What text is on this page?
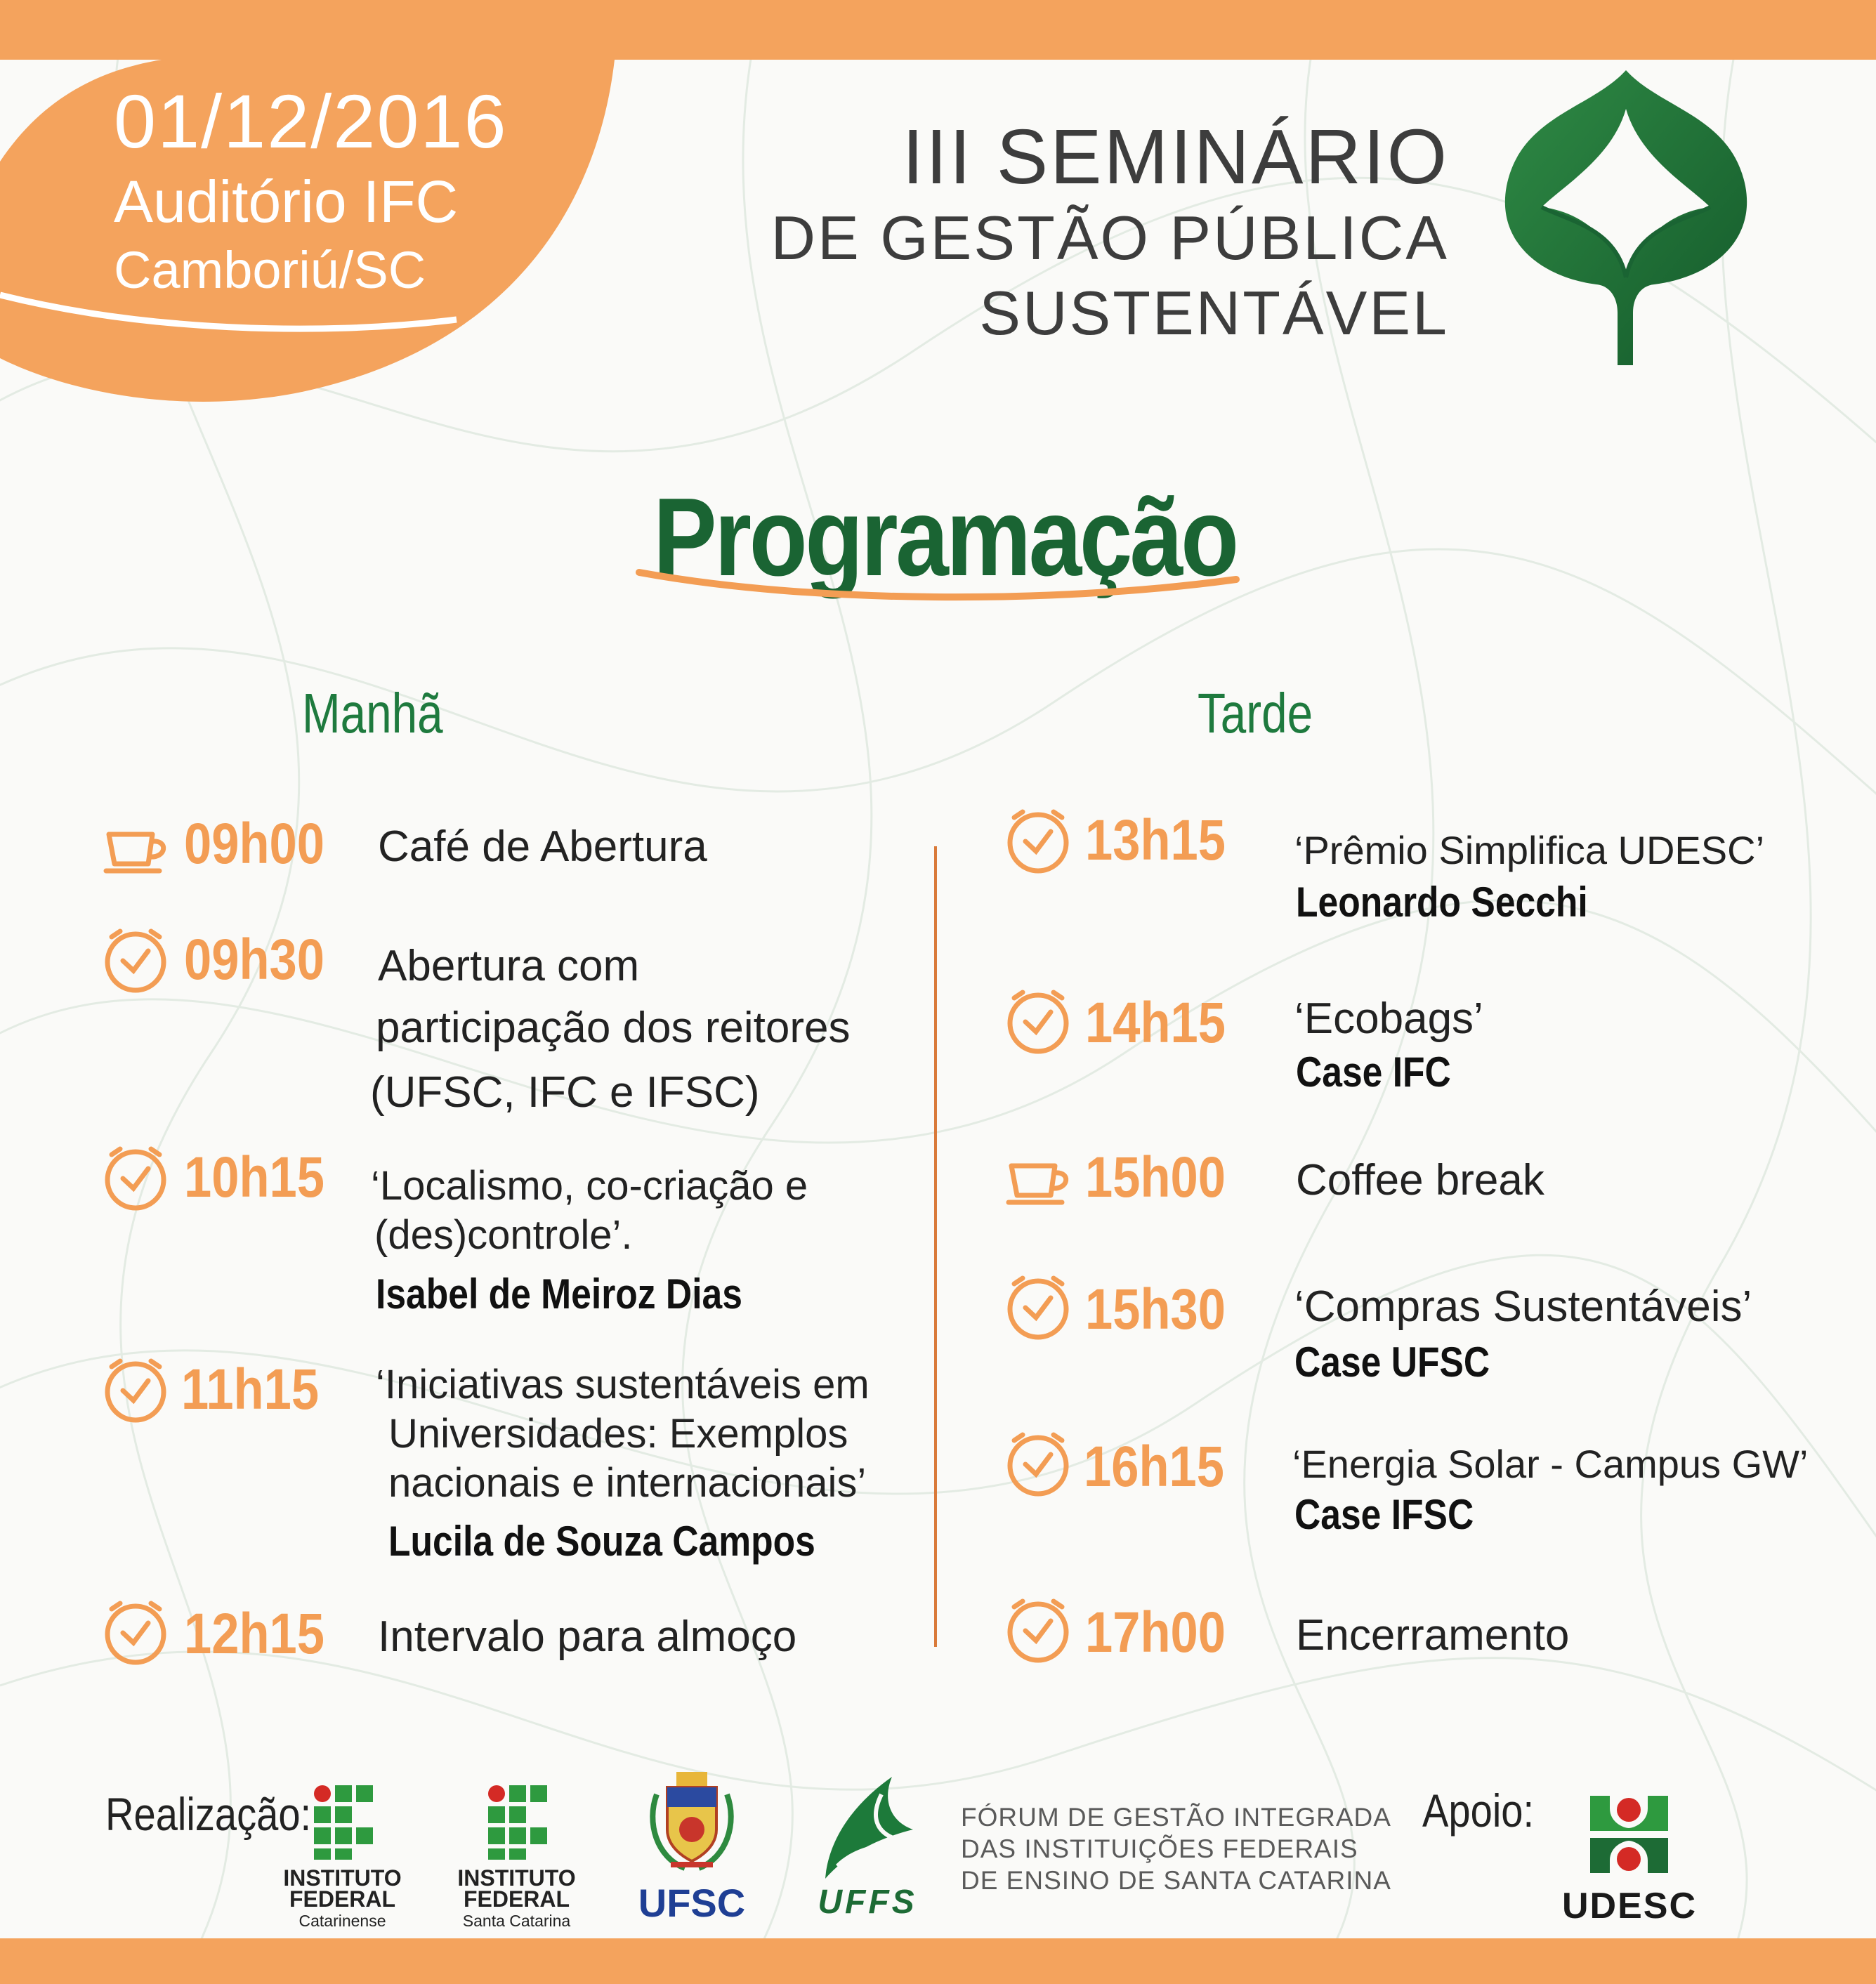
01/12/2016
Auditório IFC
Camboriú/SC
III SEMINÁRIO
DE GESTÃO PÚBLICA
SUSTENTÁVEL
Programação
Manhã	Tarde
09h00 Café de Abertura
09h30 Abertura com
participação dos reitores
(UFSC, IFC e IFSC)
10h15 ‘Localismo, co-criação e
(des)controle’.
Isabel de Meiroz Dias
11h15 ‘Iniciativas sustentáveis em
Universidades: Exemplos
nacionais e internacionais’
Lucila de Souza Campos
12h15 Intervalo para almoço
13h15 ‘Prêmio Simplifica UDESC’
Leonardo Secchi
14h15 ‘Ecobags’
Case IFC
15h00 Coffee break
15h30 ‘Compras Sustentáveis’
Case UFSC
16h15 ‘Energia Solar - Campus GW’
Case IFSC
17h00 Encerramento
Realização:
INSTITUTO
FEDERAL
Catarinense
INSTITUTO
FEDERAL
Santa Catarina UFSC UFFS
FÓRUM DE GESTÃO INTEGRADA
DAS INSTITUIÇÕES FEDERAIS
DE ENSINO DE SANTA CATARINA
Apoio:
UDESC
